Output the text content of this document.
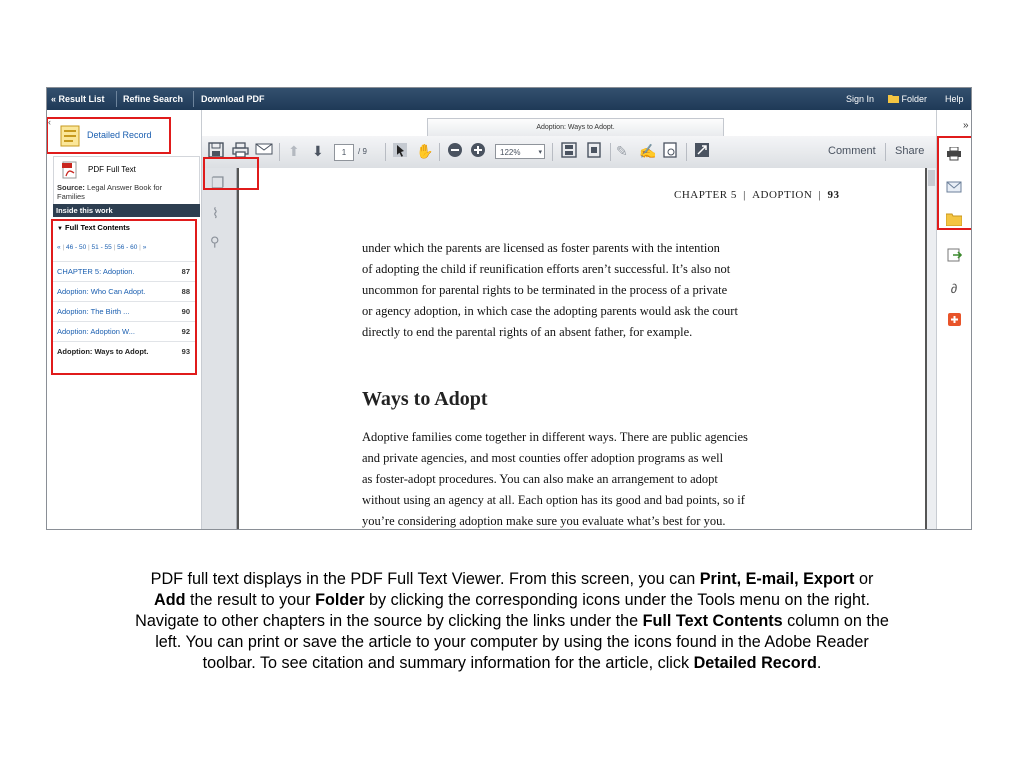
« Result List Refine Search Download PDF	Sign In	Folder Help
‹
Detailed Record
PDF Full Text
Source: Legal Answer Book for Families
Inside this work
▼ Full Text Contents
« | 46 - 50 | 51 - 55 | 56 - 60 | »
CHAPTER 5: Adoption.	87
Adoption: Who Can Adopt.	88
Adoption: The Birth ...	90
Adoption: Adoption W...	92
Adoption: Ways to Adopt.	93
Adoption: Ways to Adopt.
⬆ ⬇	1	/ 9	✋	122%	▾	✎ ✍	Comment Share
❐
⌇
⚲
CHAPTER 5 | ADOPTION | 93
under which the parents are licensed as foster parents with the intention
of adopting the child if reunification efforts aren’t successful. It’s also not
uncommon for parental rights to be terminated in the process of a private
or agency adoption, in which case the adopting parents would ask the court
directly to end the parental rights of an absent father, for example.
Ways to Adopt
Adoptive families come together in different ways. There are public agencies
and private agencies, and most counties offer adoption programs as well
as foster-adopt procedures. You can also make an arrangement to adopt
without using an agency at all. Each option has its good and bad points, so if
you’re considering adoption make sure you evaluate what’s best for you.
»
∂
PDF full text displays in the PDF Full Text Viewer. From this screen, you can Print, E-mail, Export or
Add the result to your Folder by clicking the corresponding icons under the Tools menu on the right.
Navigate to other chapters in the source by clicking the links under the Full Text Contents column on the
left. You can print or save the article to your computer by using the icons found in the Adobe Reader
toolbar. To see citation and summary information for the article, click Detailed Record.
